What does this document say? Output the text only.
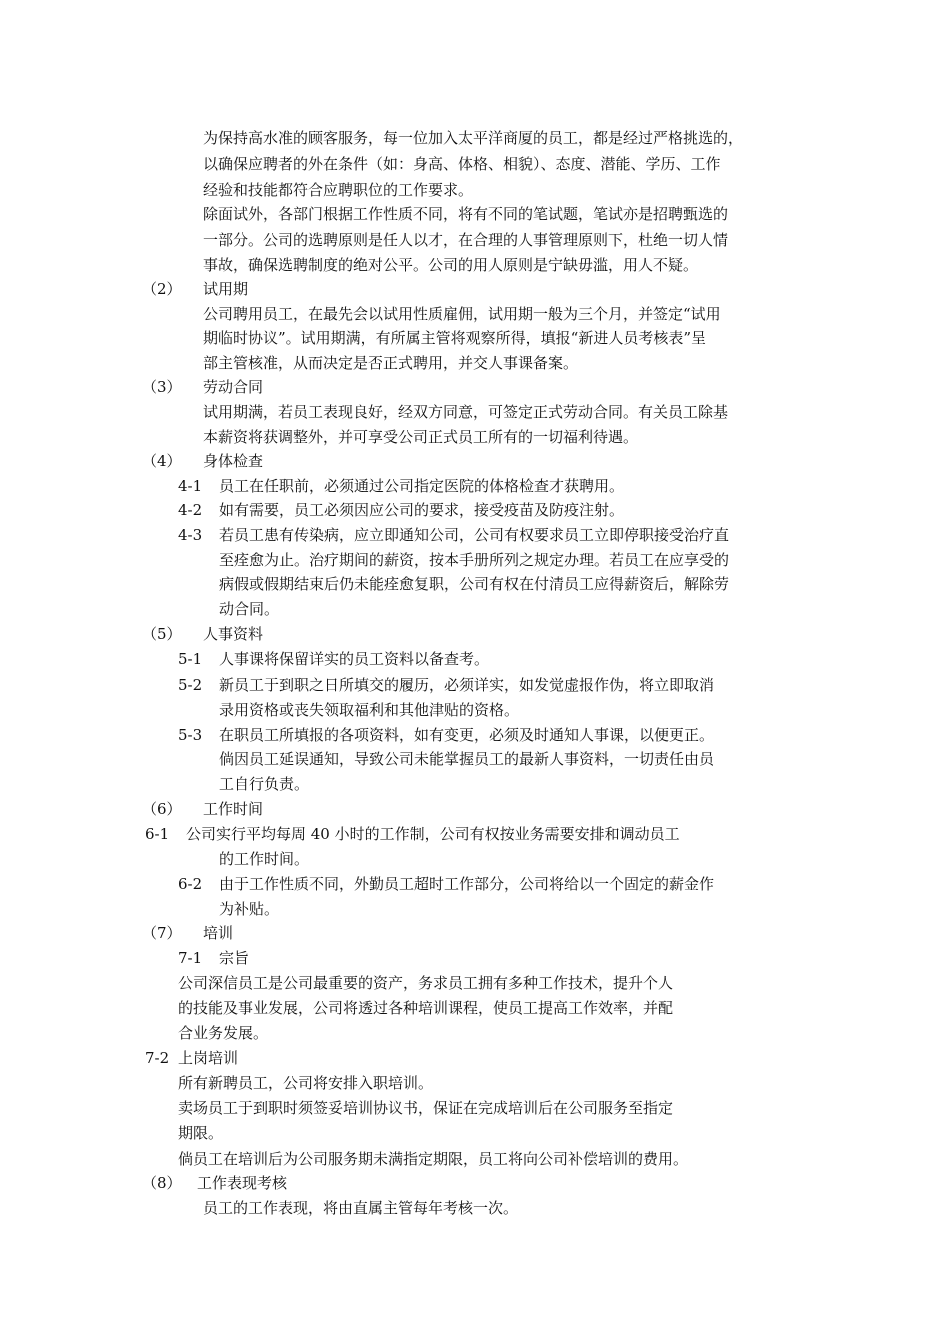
为保持高水准的顾客服务，每一位加入太平洋商厦的员工，都是经过严格挑选的，
以确保应聘者的外在条件（如：身高、体格、相貌）、态度、潜能、学历、工作
经验和技能都符合应聘职位的工作要求。
除面试外，各部门根据工作性质不同，将有不同的笔试题，笔试亦是招聘甄选的
一部分。公司的选聘原则是任人以才，在合理的人事管理原则下，杜绝一切人情
事故，确保选聘制度的绝对公平。公司的用人原则是宁缺毋滥，用人不疑。
（2） 试用期
公司聘用员工，在最先会以试用性质雇佣，试用期一般为三个月，并签定“试用
期临时协议”。试用期满，有所属主管将观察所得，填报“新进人员考核表”呈
部主管核准，从而决定是否正式聘用，并交人事课备案。
（3） 劳动合同
试用期满，若员工表现良好，经双方同意，可签定正式劳动合同。有关员工除基
本薪资将获调整外，并可享受公司正式员工所有的一切福利待遇。
（4） 身体检查
4-1 员工在任职前，必须通过公司指定医院的体格检查才获聘用。
4-2 如有需要，员工必须因应公司的要求，接受疫苗及防疫注射。
4-3 若员工患有传染病，应立即通知公司，公司有权要求员工立即停职接受治疗直
至痊愈为止。治疗期间的薪资，按本手册所列之规定办理。若员工在应享受的
病假或假期结束后仍未能痊愈复职，公司有权在付清员工应得薪资后，解除劳
动合同。
（5） 人事资料
5-1 人事课将保留详实的员工资料以备查考。
5-2 新员工于到职之日所填交的履历，必须详实，如发觉虚报作伪，将立即取消
录用资格或丧失领取福利和其他津贴的资格。
5-3 在职员工所填报的各项资料，如有变更，必须及时通知人事课，以便更正。
倘因员工延误通知，导致公司未能掌握员工的最新人事资料，一切责任由员
工自行负责。
（6） 工作时间
6-1 公司实行平均每周 40 小时的工作制，公司有权按业务需要安排和调动员工
的工作时间。
6-2 由于工作性质不同，外勤员工超时工作部分，公司将给以一个固定的薪金作
为补贴。
（7） 培训
7-1 宗旨
公司深信员工是公司最重要的资产，务求员工拥有多种工作技术，提升个人
的技能及事业发展，公司将透过各种培训课程，使员工提高工作效率，并配
合业务发展。
7-2 上岗培训
所有新聘员工，公司将安排入职培训。
卖场员工于到职时须签妥培训协议书，保证在完成培训后在公司服务至指定
期限。
倘员工在培训后为公司服务期未满指定期限，员工将向公司补偿培训的费用。
（8） 工作表现考核
员工的工作表现，将由直属主管每年考核一次。
